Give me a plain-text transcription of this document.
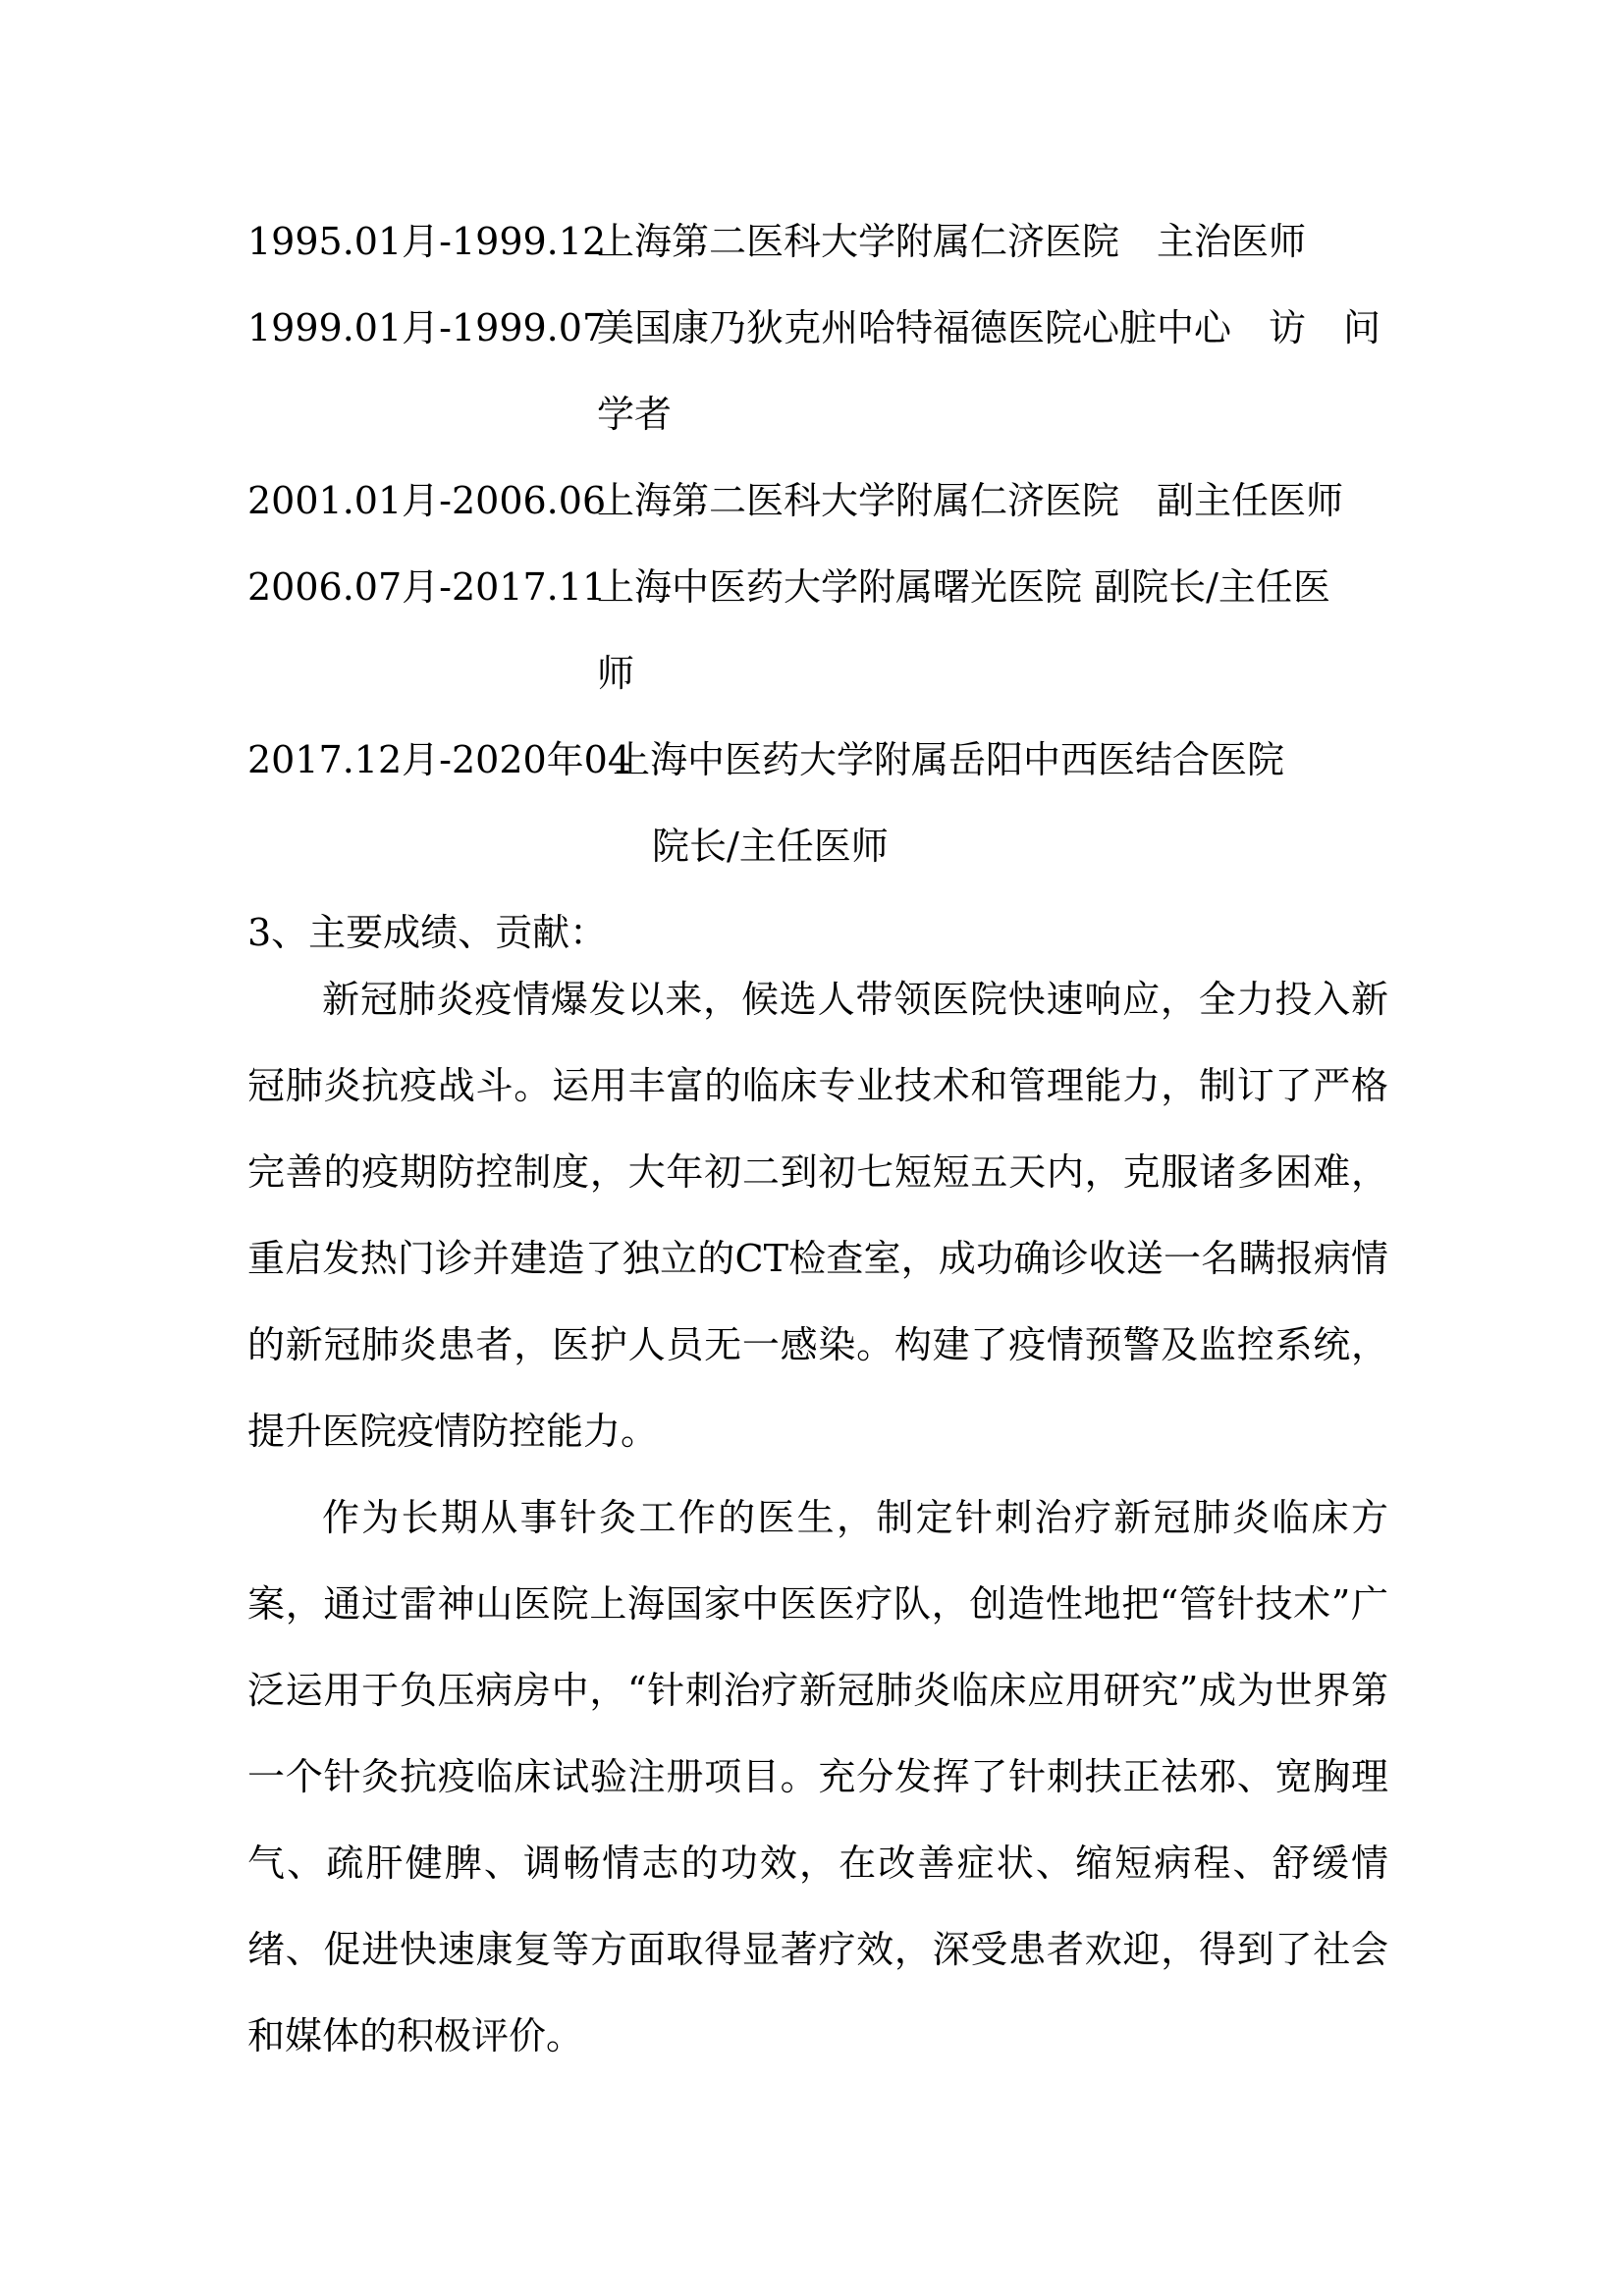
1995.01月-1999.12
上海第二医科大学附属仁济医院　主治医师
1999.01月-1999.07
美国康乃狄克州哈特福德医院心脏中心　访　问
学者
2001.01月-2006.06
上海第二医科大学附属仁济医院　副主任医师
2006.07月-2017.11
上海中医药大学附属曙光医院 副院长/主任医
师
2017.12月-2020年04
上海中医药大学附属岳阳中西医结合医院
院长/主任医师
3、主要成绩、贡献：

新冠肺炎疫情爆发以来，候选人带领医院快速响应，全力投入新冠肺炎抗疫战斗。运用丰富的临床专业技术和管理能力，制订了严格完善的疫期防控制度，大年初二到初七短短五天内，克服诸多困难，重启发热门诊并建造了独立的CT检查室，成功确诊收送一名瞒报病情的新冠肺炎患者，医护人员无一感染。构建了疫情预警及监控系统，提升医院疫情防控能力。

作为长期从事针灸工作的医生，制定针刺治疗新冠肺炎临床方案，通过雷神山医院上海国家中医医疗队，创造性地把“管针技术”广泛运用于负压病房中，“针刺治疗新冠肺炎临床应用研究”成为世界第一个针灸抗疫临床试验注册项目。充分发挥了针刺扶正祛邪、宽胸理气、疏肝健脾、调畅情志的功效，在改善症状、缩短病程、舒缓情绪、促进快速康复等方面取得显著疗效，深受患者欢迎，得到了社会和媒体的积极评价。
